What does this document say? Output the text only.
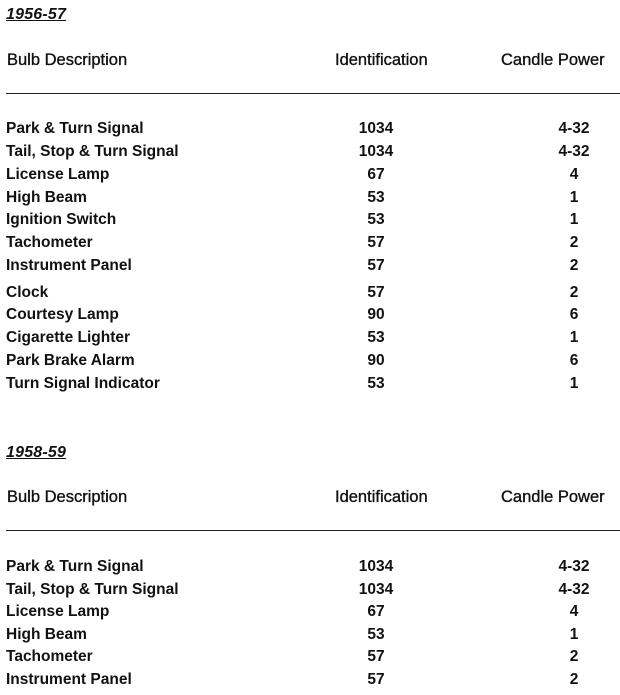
1956-57
Bulb Description	Identification	Candle Power
Park & Turn Signal	1034	4-32
Tail, Stop & Turn Signal	1034	4-32
License Lamp	67	4
High Beam	53	1
Ignition Switch	53	1
Tachometer	57	2
Instrument Panel	57	2
Clock	57	2
Courtesy Lamp	90	6
Cigarette Lighter	53	1
Park Brake Alarm	90	6
Turn Signal Indicator	53	1
1958-59
Bulb Description	Identification	Candle Power
Park & Turn Signal	1034	4-32
Tail, Stop & Turn Signal	1034	4-32
License Lamp	67	4
High Beam	53	1
Tachometer	57	2
Instrument Panel	57	2
